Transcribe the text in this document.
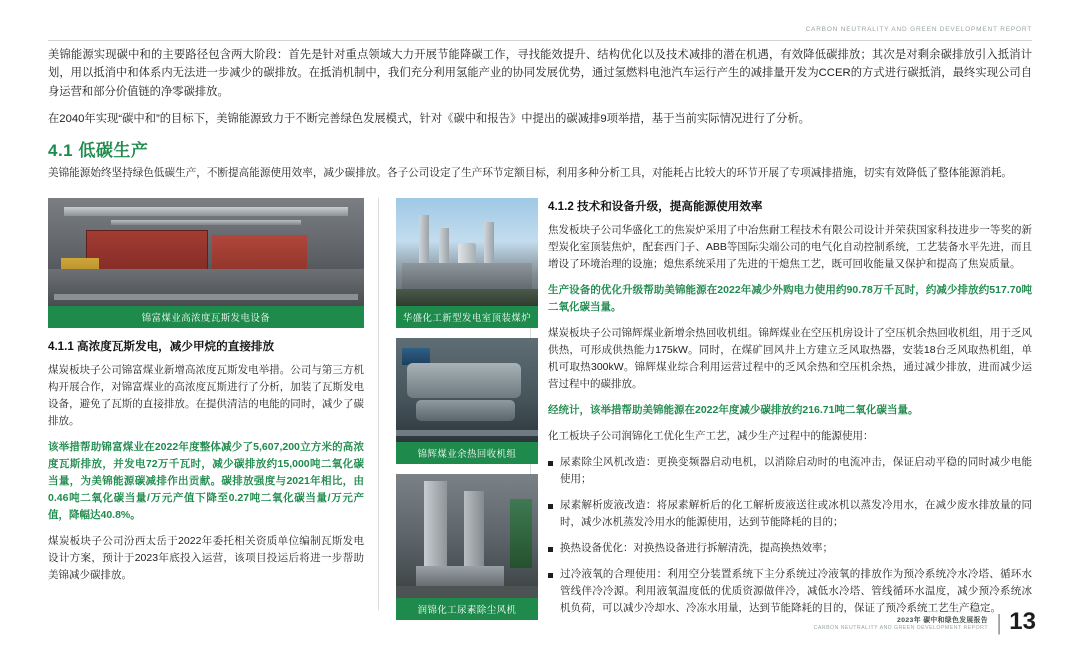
CARBON NEUTRALITY AND GREEN DEVELOPMENT REPORT

美锦能源实现碳中和的主要路径包含两大阶段：首先是针对重点领域大力开展节能降碳工作，寻找能效提升、结构优化以及技术减排的潜在机遇，有效降低碳排放；其次是对剩余碳排放引入抵消计划，用以抵消中和体系内无法进一步减少的碳排放。在抵消机制中，我们充分利用氢能产业的协同发展优势，通过氢燃料电池汽车运行产生的减排量开发为CCER的方式进行碳抵消，最终实现公司自身运营和部分价值链的净零碳排放。

在2040年实现“碳中和”的目标下，美锦能源致力于不断完善绿色发展模式，针对《碳中和报告》中提出的碳减排9项举措，基于当前实际情况进行了分析。

4.1 低碳生产
美锦能源始终坚持绿色低碳生产，不断提高能源使用效率，减少碳排放。各子公司设定了生产环节定额目标，利用多种分析工具，对能耗占比较大的环节开展了专项减排措施，切实有效降低了整体能源消耗。
锦富煤业高浓度瓦斯发电设备
4.1.1 高浓度瓦斯发电，减少甲烷的直接排放

煤炭板块子公司锦富煤业新增高浓度瓦斯发电举措。公司与第三方机构开展合作，对锦富煤业的高浓度瓦斯进行了分析，加装了瓦斯发电设备，避免了瓦斯的直接排放。在提供清洁的电能的同时，减少了碳排放。

该举措帮助锦富煤业在2022年度整体减少了5,607,200立方米的高浓度瓦斯排放，并发电72万千瓦时，减少碳排放约15,000吨二氧化碳当量，为美锦能源碳减排作出贡献。碳排放强度与2021年相比，由0.46吨二氧化碳当量/万元产值下降至0.27吨二氧化碳当量/万元产值，降幅达40.8%。

煤炭板块子公司汾西太岳于2022年委托相关资质单位编制瓦斯发电设计方案，预计于2023年底投入运营，该项目投运后将进一步帮助美锦减少碳排放。

华盛化工新型发电室顶装煤炉
锦辉煤业余热回收机组
润锦化工尿素除尘风机
4.1.2 技术和设备升级，提高能源使用效率

焦发板块子公司华盛化工的焦炭炉采用了中冶焦耐工程技术有限公司设计并荣获国家科技进步一等奖的新型炭化室顶装焦炉，配套西门子、ABB等国际尖端公司的电气化自动控制系统，工艺装备水平先进，而且增设了环境治理的设施；熄焦系统采用了先进的干熄焦工艺，既可回收能量又保护和提高了焦炭质量。

生产设备的优化升级帮助美锦能源在2022年减少外购电力使用约90.78万千瓦时，约减少排放约517.70吨二氧化碳当量。

煤炭板块子公司锦辉煤业新增余热回收机组。锦辉煤业在空压机房设计了空压机余热回收机组，用于乏风供热，可形成供热能力175kW。同时，在煤矿回风井上方建立乏风取热器，安装18台乏风取热机组，单机可取热300kW。锦辉煤业综合利用运营过程中的乏风余热和空压机余热，通过减少排放，进而减少运营过程中的碳排放。

经统计，该举措帮助美锦能源在2022年度减少碳排放约216.71吨二氧化碳当量。

化工板块子公司润锦化工优化生产工艺，减少生产过程中的能源使用：

尿素除尘风机改造：更换变频器启动电机，以消除启动时的电流冲击，保证启动平稳的同时减少电能使用；
尿素解析废液改造：将尿素解析后的化工解析废液送往或冰机以蒸发冷用水，在减少废水排放量的同时，减少冰机蒸发冷用水的能源使用，达到节能降耗的目的；
换热设备优化：对换热设备进行拆解清洗，提高换热效率；
过冷液氧的合理使用：利用空分装置系统下主分系统过冷液氧的排放作为预冷系统冷水冷塔、循环水管线伴冷冷源。利用液氧温度低的优质资源做伴冷，减低水冷塔、管线循环水温度，减少预冷系统冰机负荷，可以减少冷却水、冷冻水用量，达到节能降耗的目的，保证了预冷系统工艺生产稳定。
2023年 碳中和绿色发展报告
CARBON NEUTRALITY AND GREEN DEVELOPMENT REPORT | 13
